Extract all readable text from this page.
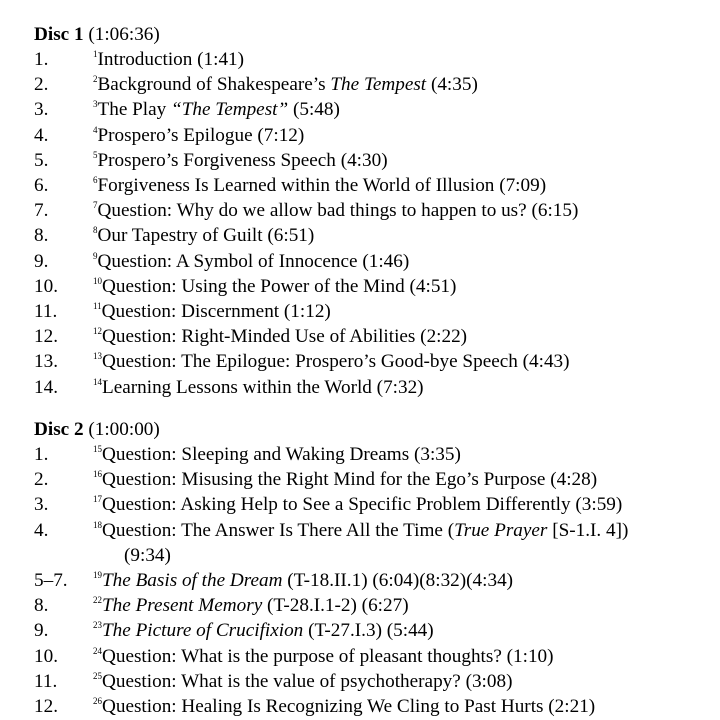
Disc 1 (1:06:36)
1.	$^1$Introduction (1:41)
2.	$^2$Background of Shakespeare’s The Tempest (4:35)
3.	$^3$The Play “The Tempest” (5:48)
4.	$^4$Prospero’s Epilogue (7:12)
5.	$^5$Prospero’s Forgiveness Speech (4:30)
6.	$^6$Forgiveness Is Learned within the World of Illusion (7:09)
7.	$^7$Question: Why do we allow bad things to happen to us? (6:15)
8.	$^8$Our Tapestry of Guilt (6:51)
9.	$^9$Question: A Symbol of Innocence (1:46)
10.	$^{10}$Question: Using the Power of the Mind (4:51)
11.	$^{11}$Question: Discernment (1:12)
12.	$^{12}$Question: Right-Minded Use of Abilities (2:22)
13.	$^{13}$Question: The Epilogue: Prospero’s Good-bye Speech (4:43)
14.	$^{14}$Learning Lessons within the World (7:32)
Disc 2 (1:00:00)
1.	$^{15}$Question: Sleeping and Waking Dreams (3:35)
2.	$^{16}$Question: Misusing the Right Mind for the Ego’s Purpose (4:28)
3.	$^{17}$Question: Asking Help to See a Specific Problem Differently (3:59)
4.	$^{18}$Question: The Answer Is There All the Time (True Prayer [S-1.I. 4])
(9:34)
5–7.	$^{19}$The Basis of the Dream (T-18.II.1) (6:04)(8:32)(4:34)
8.	$^{22}$The Present Memory (T-28.I.1-2) (6:27)
9.	$^{23}$The Picture of Crucifixion (T-27.I.3) (5:44)
10.	$^{24}$Question: What is the purpose of pleasant thoughts? (1:10)
11.	$^{25}$Question: What is the value of psychotherapy? (3:08)
12.	$^{26}$Question: Healing Is Recognizing We Cling to Past Hurts (2:21)
